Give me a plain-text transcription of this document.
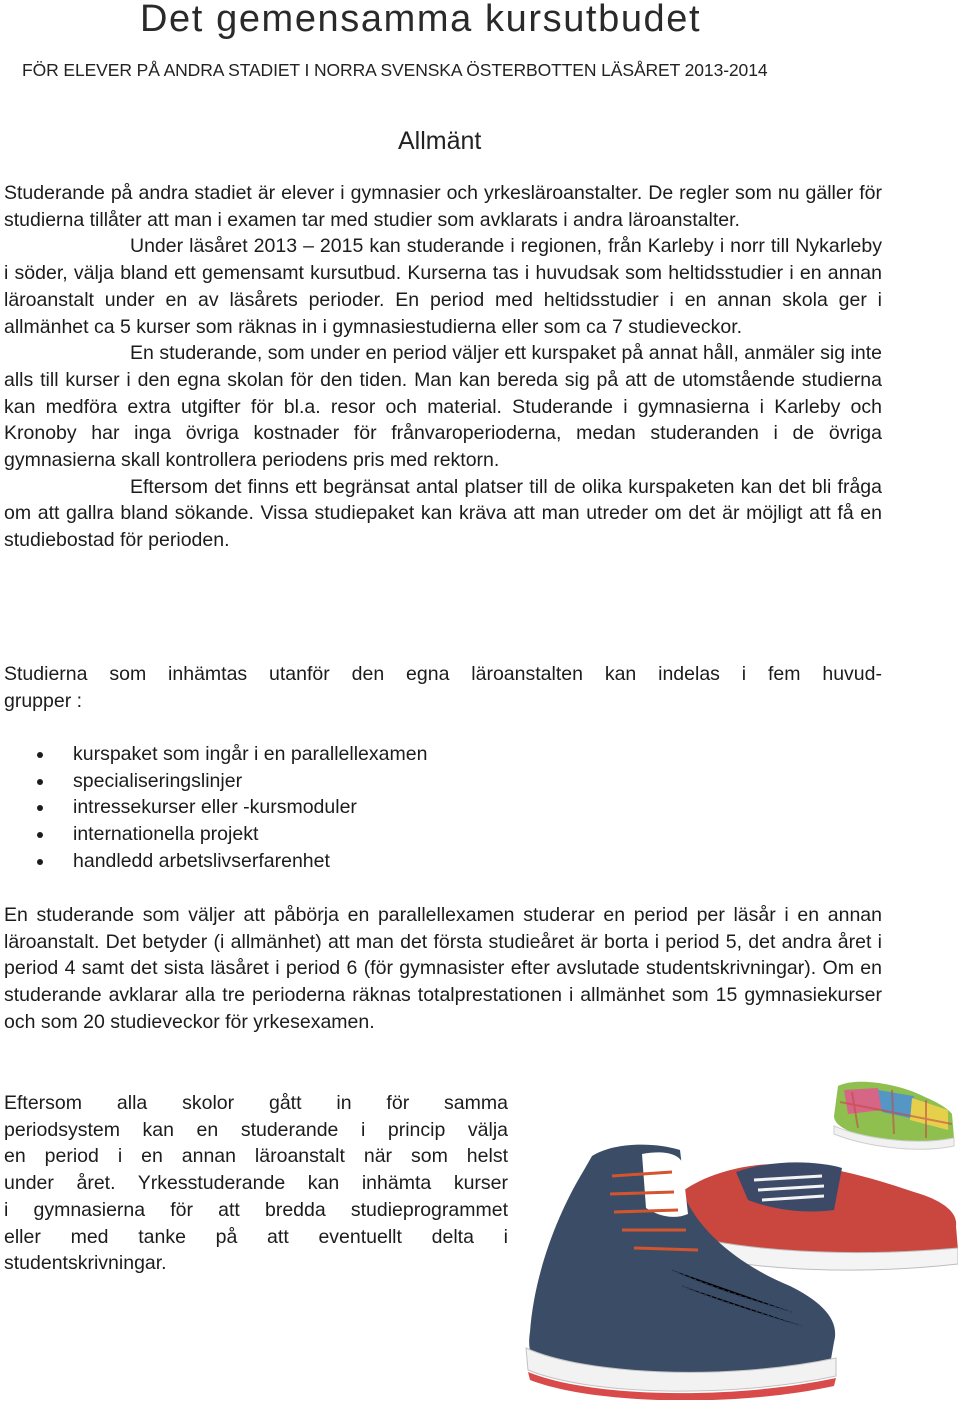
Det gemensamma kursutbudet
FÖR ELEVER PÅ ANDRA STADIET I NORRA SVENSKA ÖSTERBOTTEN LÄSÅRET 2013-2014
Allmänt

Studerande på andra stadiet är elever i gymnasier och yrkesläroanstalter. De regler som nu gäller för studierna tillåter att man i examen tar med studier som avklarats i andra läroanstalter.

Under läsåret 2013 – 2015 kan studerande i regionen, från Karleby i norr till Nykarleby i söder, välja bland ett gemensamt kursutbud. Kurserna tas i huvudsak som heltidsstudier i en annan läroanstalt under en av läsårets perioder. En period med heltidsstudier i en annan skola ger i allmänhet ca 5 kurser som räknas in i gymnasiestudierna eller som ca 7 studieveckor.

En studerande, som under en period väljer ett kurspaket på annat håll, anmäler sig inte alls till kurser i den egna skolan för den tiden. Man kan bereda sig på att de utomstående studierna kan medföra extra utgifter för bl.a. resor och material. Studerande i gymnasierna i Karleby och Kronoby har inga övriga kostnader för frånvaroperioderna, medan studeranden i de övriga gymnasierna skall kontrollera periodens pris med rektorn.

Eftersom det finns ett begränsat antal platser till de olika kurspaketen kan det bli fråga om att gallra bland sökande. Vissa studiepaket kan kräva att man utreder om det är möjligt att få en studiebostad för perioden.

Studierna som inhämtas utanför den egna läroanstalten kan indelas i fem huvud-
grupper :
kurspaket som ingår i en parallellexamen
specialiseringslinjer
intressekurser eller -kursmoduler
internationella projekt
handledd arbetslivserfarenhet

En studerande som väljer att påbörja en parallellexamen studerar en period per läsår i en annan läroanstalt. Det betyder (i allmänhet) att man det första studieåret är borta i period 5, det andra året i period 4 samt det sista läsåret i period 6 (för gymnasister efter avslutade studentskrivningar). Om en studerande avklarar alla tre perioderna räknas totalprestationen i allmänhet som 15 gymnasiekurser och som 20 studieveckor för yrkesexamen.

Eftersom alla skolor gått in för samma
periodsystem kan en studerande i princip välja
en period i en annan läroanstalt när som helst
under året. Yrkesstuderande kan inhämta kurser
i gymnasierna för att bredda studieprogrammet
eller med tanke på att eventuellt delta i
studentskrivningar.
